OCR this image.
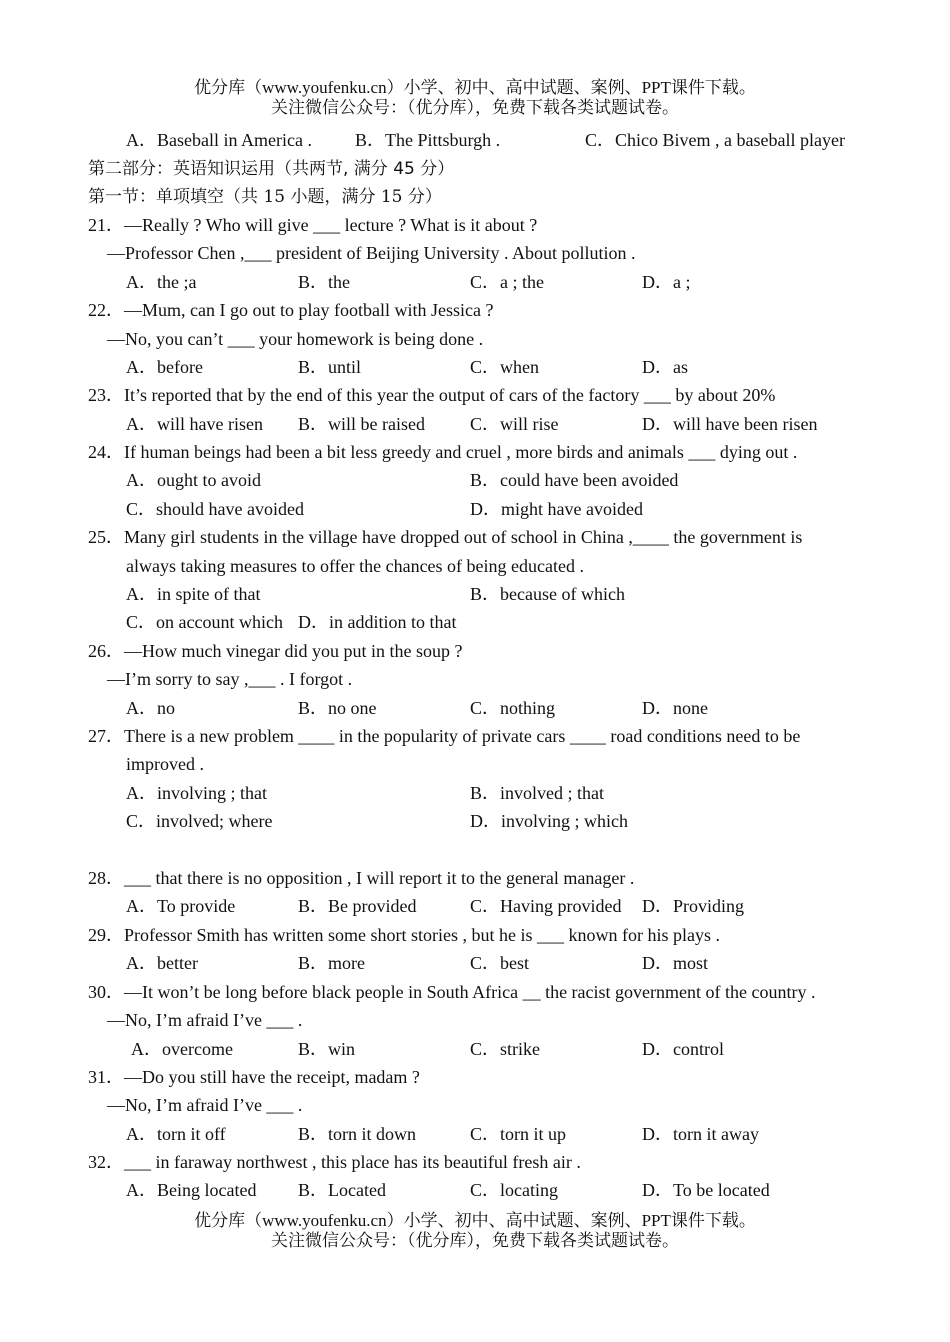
优分库（www.youfenku.cn）小学、初中、高中试题、案例、PPT课件下载。
关注微信公众号：（优分库），免费下载各类试题试卷。
A．Baseball in America . B．The Pittsburgh .	C．Chico Bivem , a baseball player
第二部分：英语知识运用（共两节, 满分 45 分）
第一节：单项填空（共 15 小题，满分 15 分）
21．—Really ? Who will give ___ lecture ? What is it about ?
—Professor Chen ,___ president of Beijing University . About pollution .
A．the ;a	B．the	C．a ; the	D．a ;
22．—Mum, can I go out to play football with Jessica ?
—No, you can’t ___ your homework is being done .
A．before	B．until	C．when	D．as
23．It’s reported that by the end of this year the output of cars of the factory ___ by about 20%
A．will have risen B．will be raised	C．will rise	D．will have been risen
24．If human beings had been a bit less greedy and cruel , more birds and animals ___ dying out .
A．ought to avoid	B．could have been avoided
C．should have avoided	D．might have avoided
25．Many girl students in the village have dropped out of school in China ,____ the government is
always taking measures to offer the chances of being educated .
A．in spite of that	B．because of which
C．on account which D．in addition to that
26．—How much vinegar did you put in the soup ?
—I’m sorry to say ,___ . I forgot .
A．no	B．no one	C．nothing	D．none
27．There is a new problem ____ in the popularity of private cars ____ road conditions need to be
improved .
A．involving ; that	B．involved ; that
C．involved; where	D．involving ; which
28．___ that there is no opposition , I will report it to the general manager .
A．To provide	B．Be provided	C．Having provided D．Providing
29．Professor Smith has written some short stories , but he is ___ known for his plays .
A．better	B．more	C．best	D．most
30．—It won’t be long before black people in South Africa __ the racist government of the country .
—No, I’m afraid I’ve ___ .
A．overcome	B．win	C．strike	D．control
31．—Do you still have the receipt, madam ?
—No, I’m afraid I’ve ___ .
A．torn it off	B．torn it down	C．torn it up	D．torn it away
32．___ in faraway northwest , this place has its beautiful fresh air .
A．Being located B．Located	C．locating	D．To be located
优分库（www.youfenku.cn）小学、初中、高中试题、案例、PPT课件下载。
关注微信公众号：（优分库），免费下载各类试题试卷。
